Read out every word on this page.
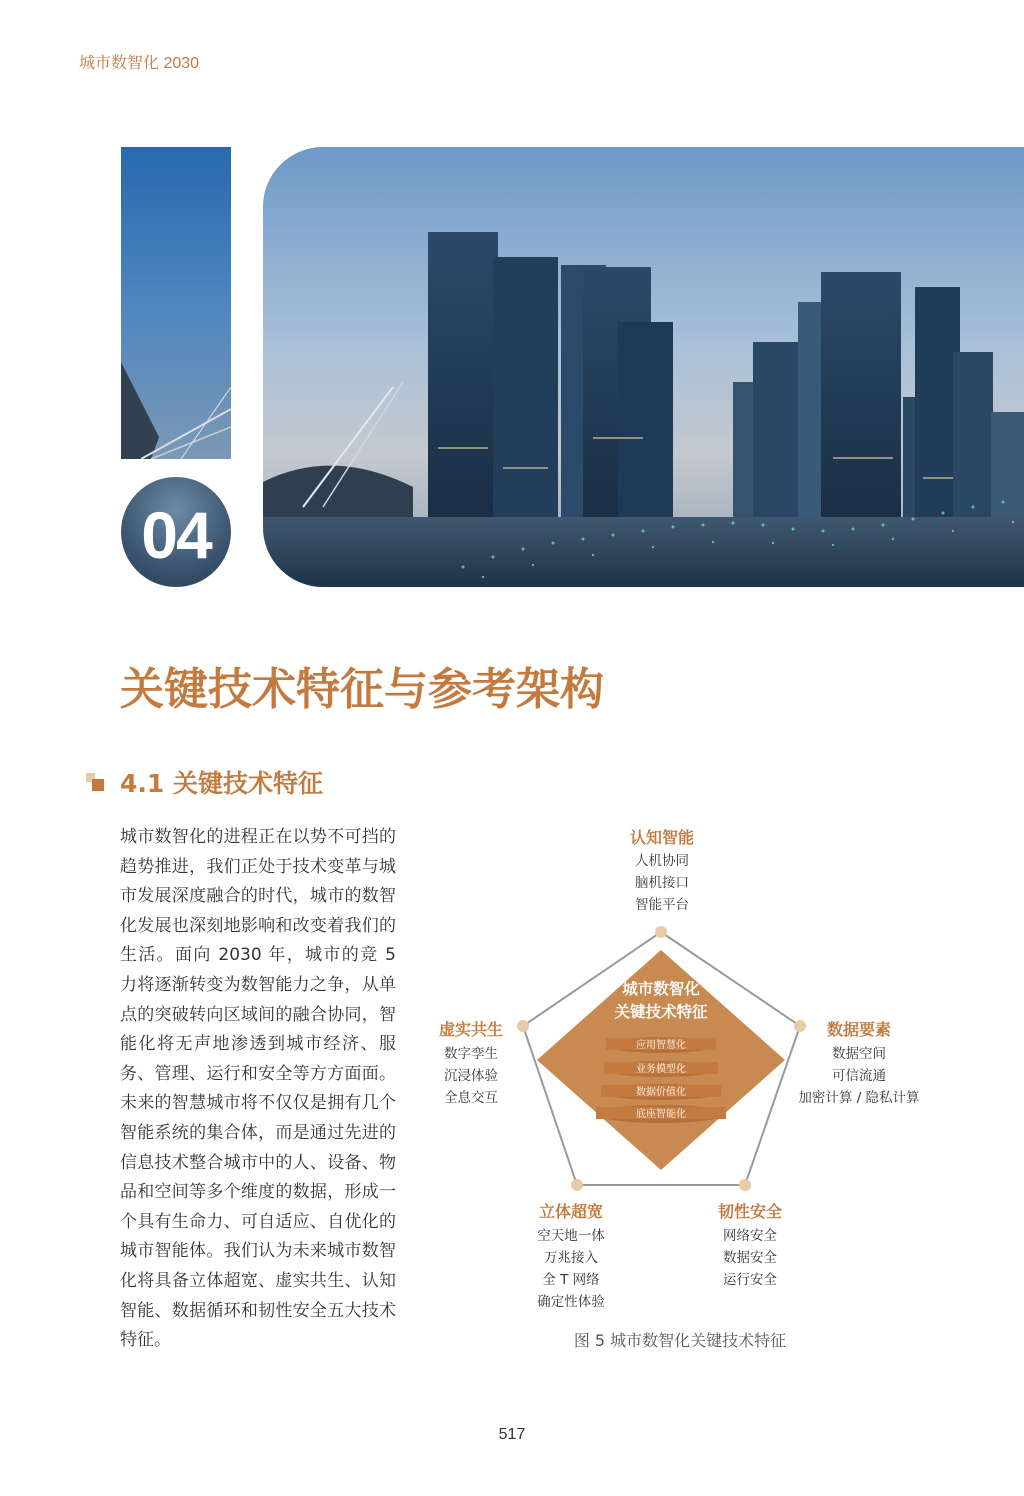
城市数智化 2030
04
关键技术特征与参考架构
4.1 关键技术特征
城市数智化的进程正在以势不可挡的趋势推进，我们正处于技术变革与城市发展深度融合的时代，城市的数智化发展也深刻地影响和改变着我们的生活。面向 2030 年，城市的竞 5 力将逐渐转变为数智能力之争，从单点的突破转向区域间的融合协同，智能化将无声地渗透到城市经济、服务、管理、运行和安全等方方面面。未来的智慧城市将不仅仅是拥有几个智能系统的集合体，而是通过先进的信息技术整合城市中的人、设备、物品和空间等多个维度的数据，形成一个具有生命力、可自适应、自优化的城市智能体。我们认为未来城市数智化将具备立体超宽、虚实共生、认知智能、数据循环和韧性安全五大技术特征。
城市数智化
关键技术特征
应用智慧化
业务模型化
数据价值化
底座智能化
认知智能
人机协同
脑机接口
智能平台
虚实共生
数字孪生
沉浸体验
全息交互
数据要素
数据空间
可信流通
加密计算 / 隐私计算
立体超宽
空天地一体
万兆接入
全 T 网络
确定性体验
韧性安全
网络安全
数据安全
运行安全
图 5 城市数智化关键技术特征
517
